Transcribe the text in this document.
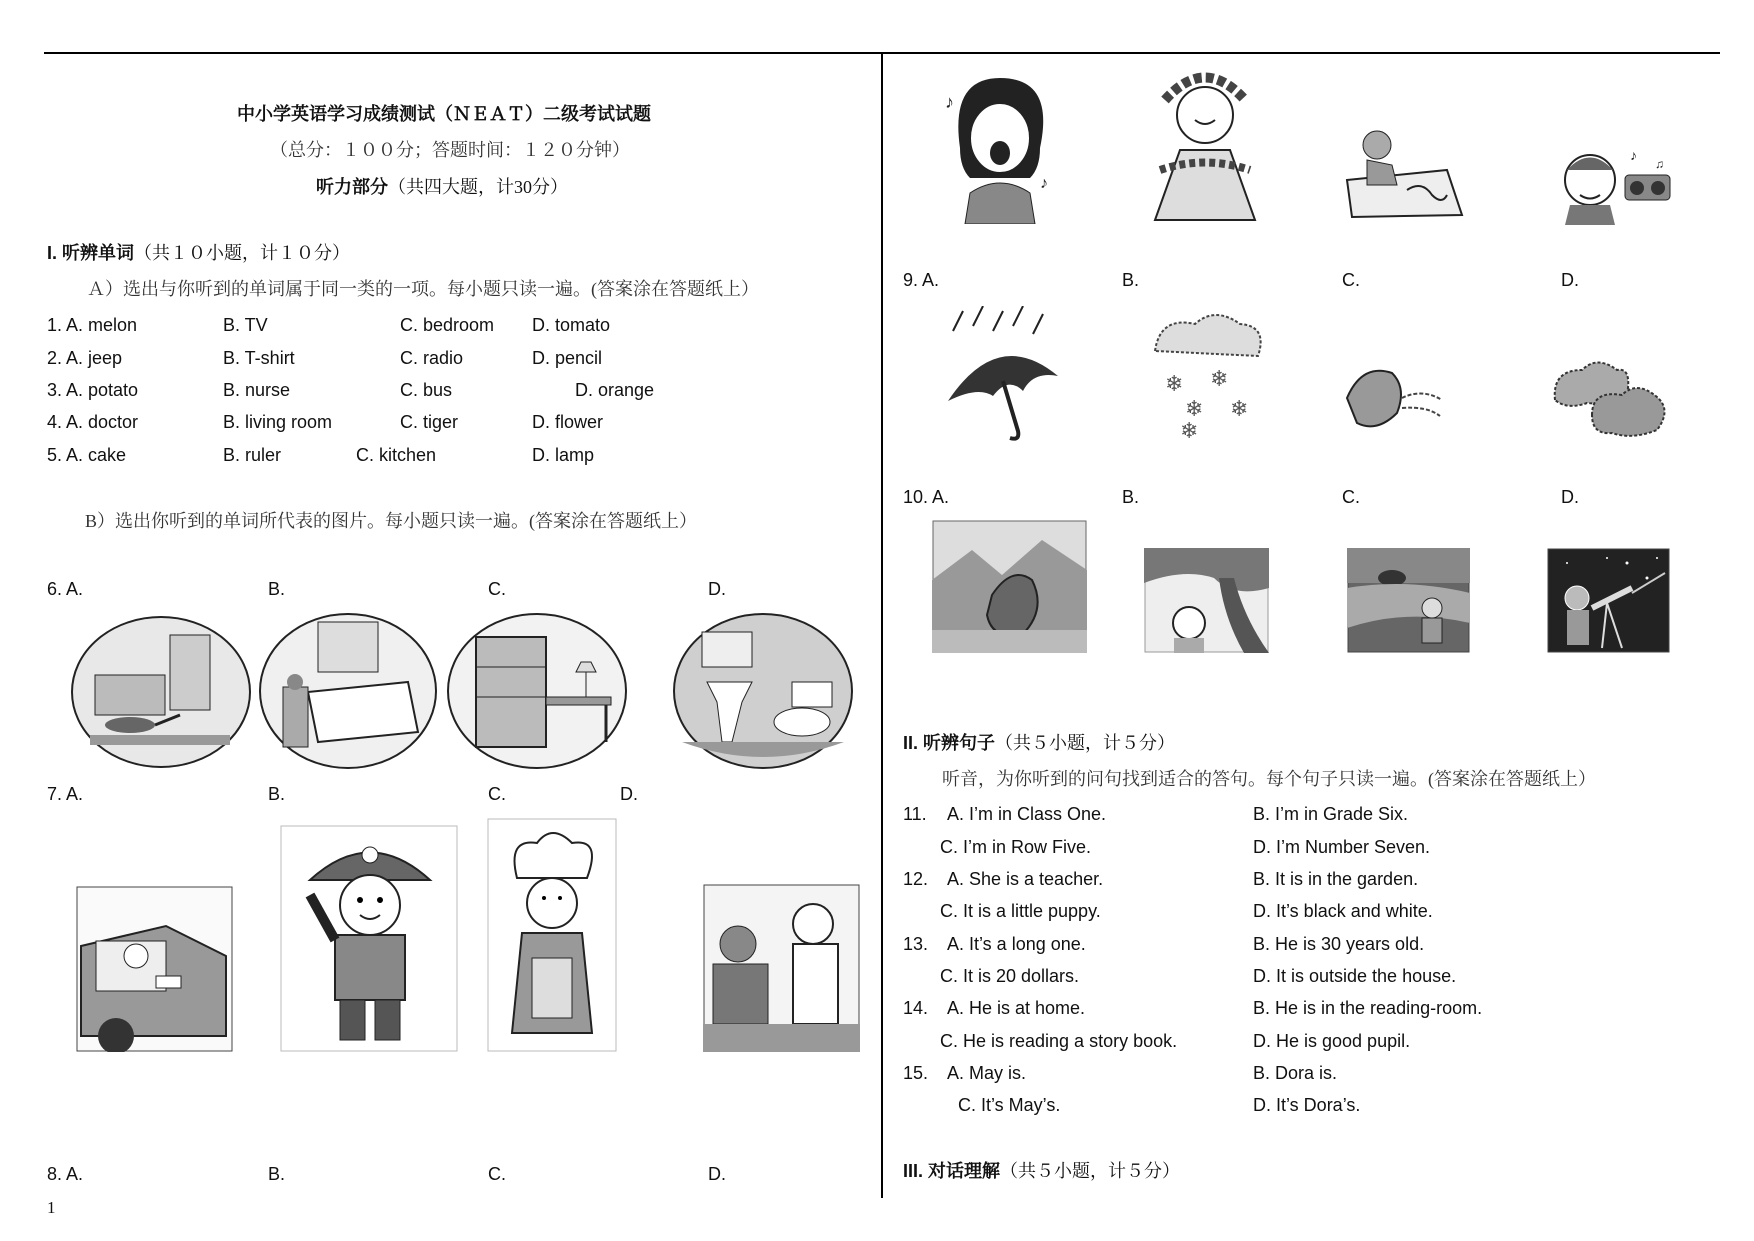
中小学英语学习成绩测试（ＮＥＡＴ）二级考试试题
（总分：１００分；答题时间：１２０分钟）
听力部分（共四大题，计30分）
I. 听辨单词（共１０小题，计１０分）
Ａ）选出与你听到的单词属于同一类的一项。每小题只读一遍。(答案涂在答题纸上）
1. A. melon	B. TV	C. bedroom D. tomato
2. A. jeep	B. T-shirt	C. radio	D. pencil
3. A. potato	B. nurse	C. bus	D. orange
4. A. doctor	B. living room	C. tiger	D. flower
5. A. cake	B. ruler	C. kitchen	D. lamp
B）选出你听到的单词所代表的图片。每小题只读一遍。(答案涂在答题纸上）
6. A.	B.	C.	D.
7. A.	B.	C.	D.
8. A.	B.	C.	D.
1
♪
♪
♪
♫
9. A.	B.	C.	D.
❄ ❄
❄ ❄
❄
10. A.	B.	C.	D.
II. 听辨句子（共５小题，计５分）
听音，为你听到的问句找到适合的答句。每个句子只读一遍。(答案涂在答题纸上）
11. A. I’m in Class One.	B. I’m in Grade Six.
C. I’m in Row Five.	D. I’m Number Seven.
12. A. She is a teacher.	B. It is in the garden.
C. It is a little puppy.	D. It’s black and white.
13. A. It’s a long one.	B. He is 30 years old.
C. It is 20 dollars.	D. It is outside the house.
14. A. He is at home.	B. He is in the reading-room.
C. He is reading a story book.	D. He is good pupil.
15. A. May is.	B. Dora is.
C. It’s May’s.	D. It’s Dora’s.
III. 对话理解（共５小题，计５分）
